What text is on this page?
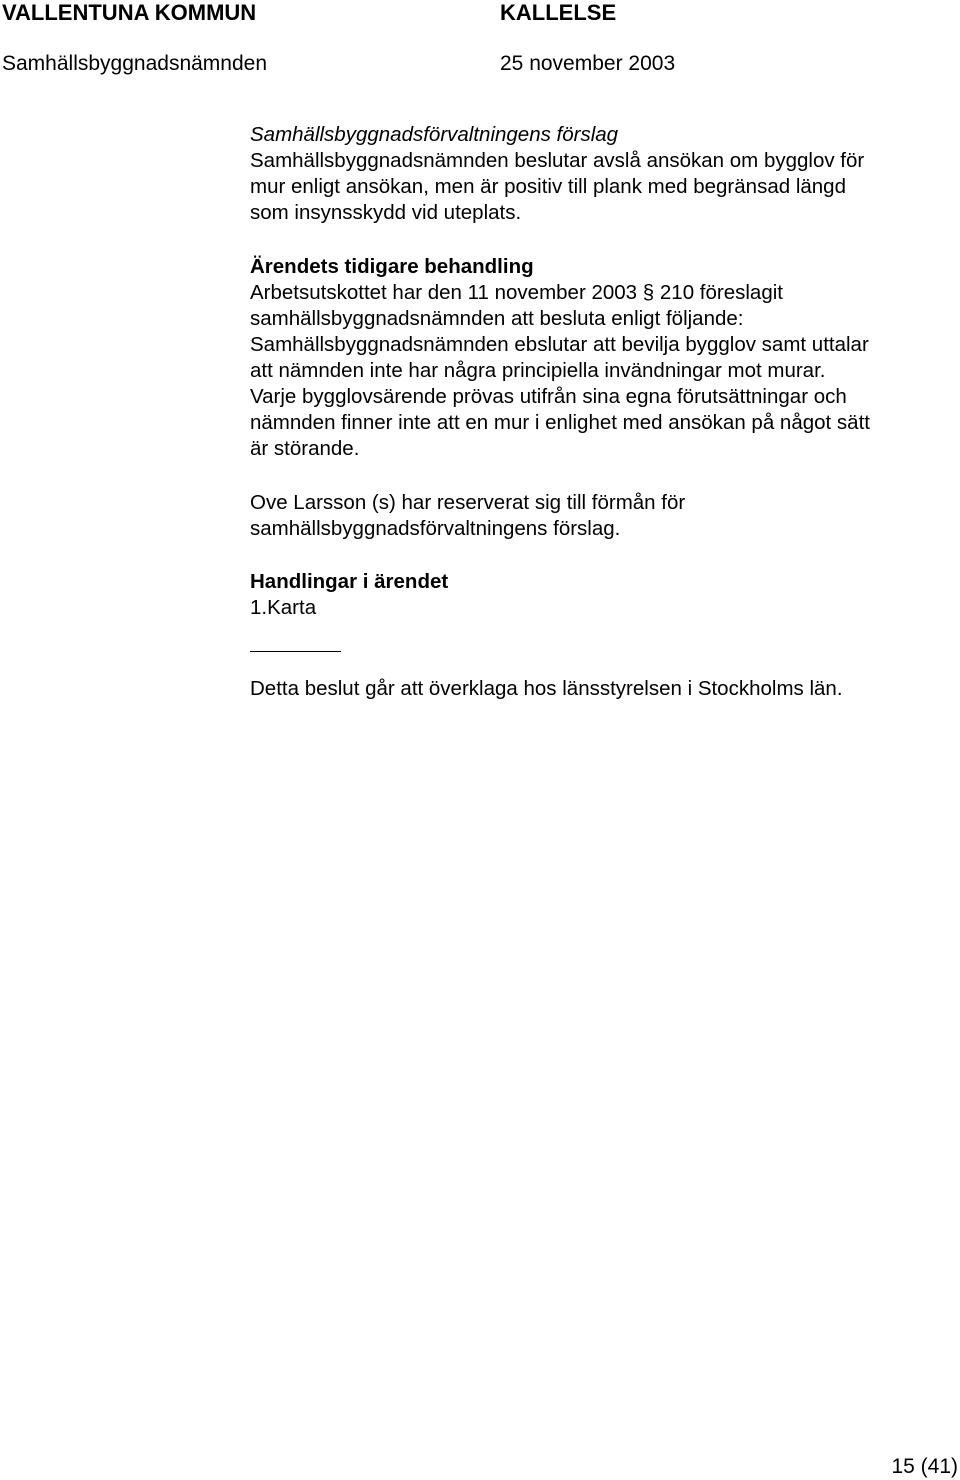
VALLENTUNA KOMMUN	KALLELSE
Samhällsbyggnadsnämnden	25 november 2003
Samhällsbyggnadsförvaltningens förslag
Samhällsbyggnadsnämnden beslutar avslå ansökan om bygglov för
mur enligt ansökan, men är positiv till plank med begränsad längd
som insynsskydd vid uteplats.
Ärendets tidigare behandling
Arbetsutskottet har den 11 november 2003 § 210 föreslagit
samhällsbyggnadsnämnden att besluta enligt följande:
Samhällsbyggnadsnämnden ebslutar att bevilja bygglov samt uttalar
att nämnden inte har några principiella invändningar mot murar.
Varje bygglovsärende prövas utifrån sina egna förutsättningar och
nämnden finner inte att en mur i enlighet med ansökan på något sätt
är störande.
Ove Larsson (s) har reserverat sig till förmån för
samhällsbyggnadsförvaltningens förslag.
Handlingar i ärendet
1.Karta
Detta beslut går att överklaga hos länsstyrelsen i Stockholms län.
15 (41)
